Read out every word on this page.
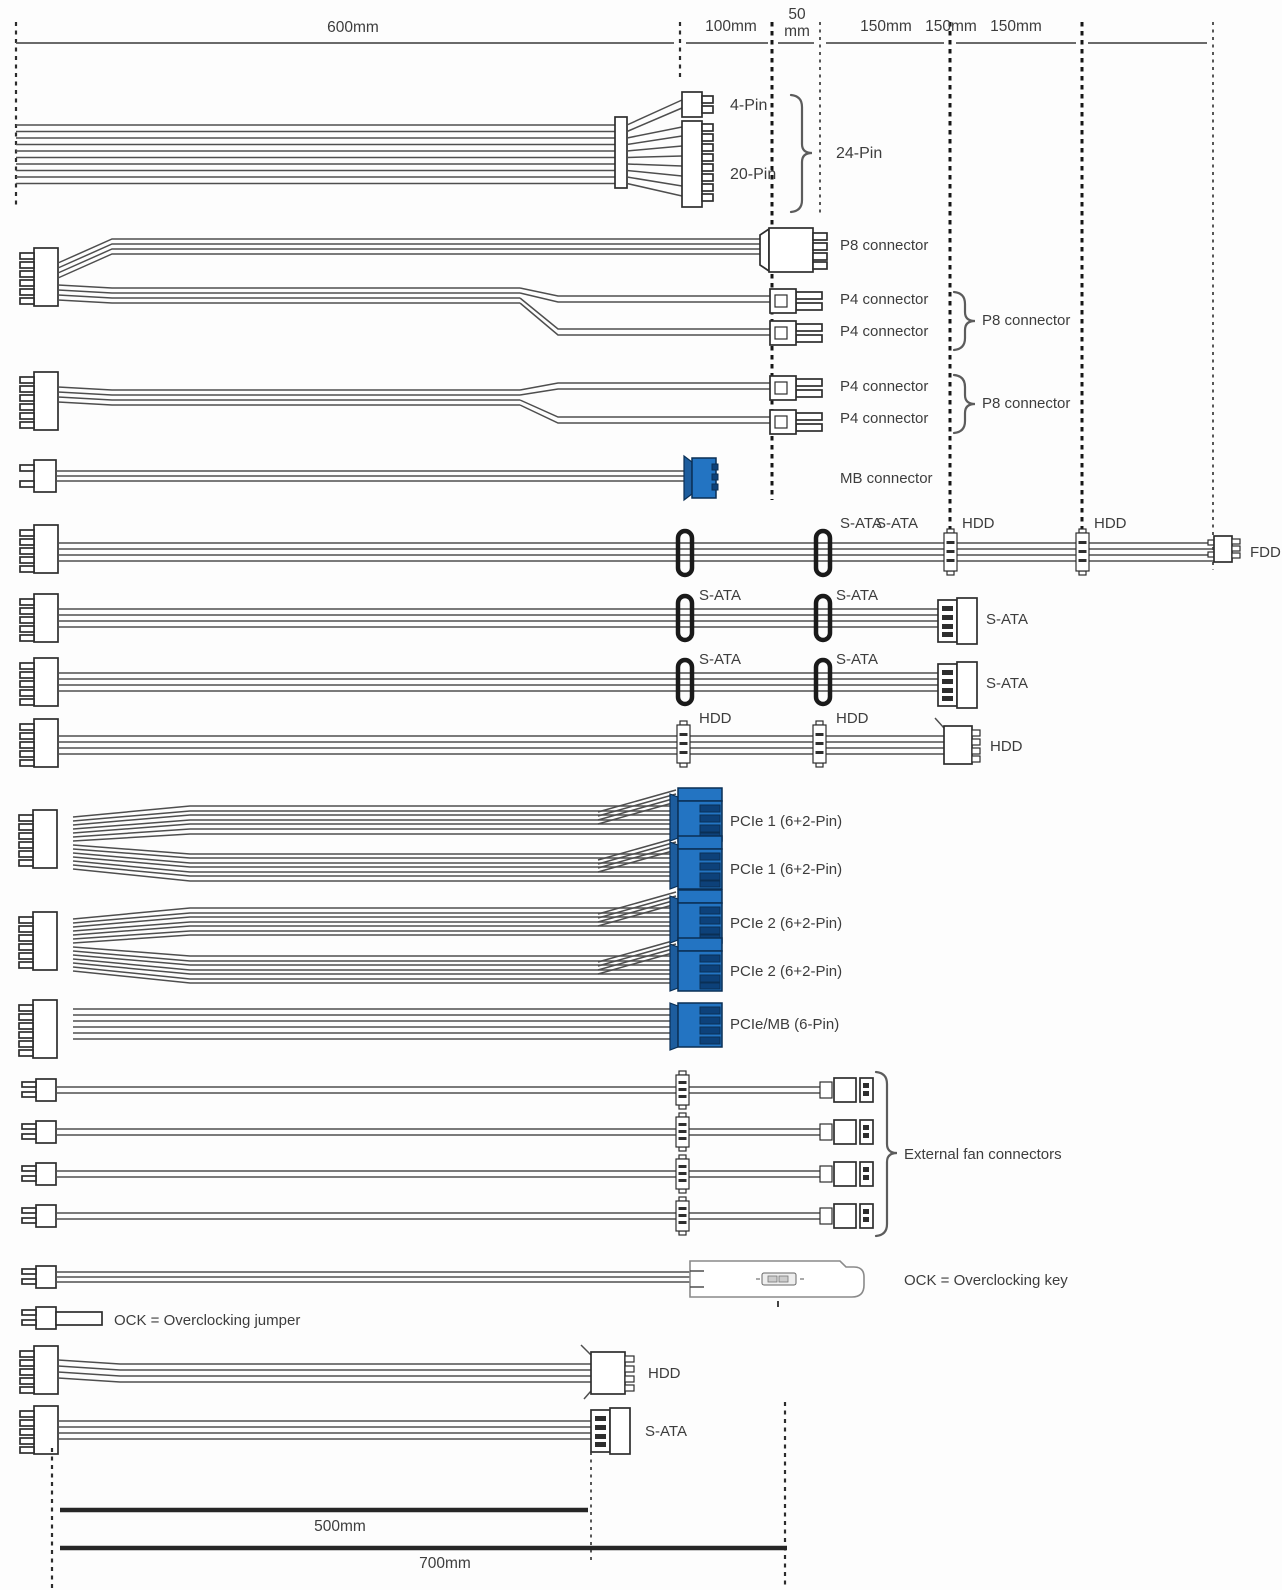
600mm	100mm
50
mm	150mm 150mm 150mm
4-Pin
20-Pin
24-Pin
P8 connector
P4 connector
P4 connector
P8 connector
P4 connector
P4 connector
P8 connector
MB connector
S-ATA
S-ATA	HDD	HDD
FDD
S-ATA	S-ATA
S-ATA
S-ATA	S-ATA
S-ATA
HDD	HDD
HDD
PCIe 1 (6+2-Pin)
PCIe 1 (6+2-Pin)
PCIe 2 (6+2-Pin)
PCIe 2 (6+2-Pin)
PCIe/MB (6-Pin)
External fan connectors
OCK = Overclocking key
OCK = Overclocking jumper
HDD
S-ATA
500mm
700mm
